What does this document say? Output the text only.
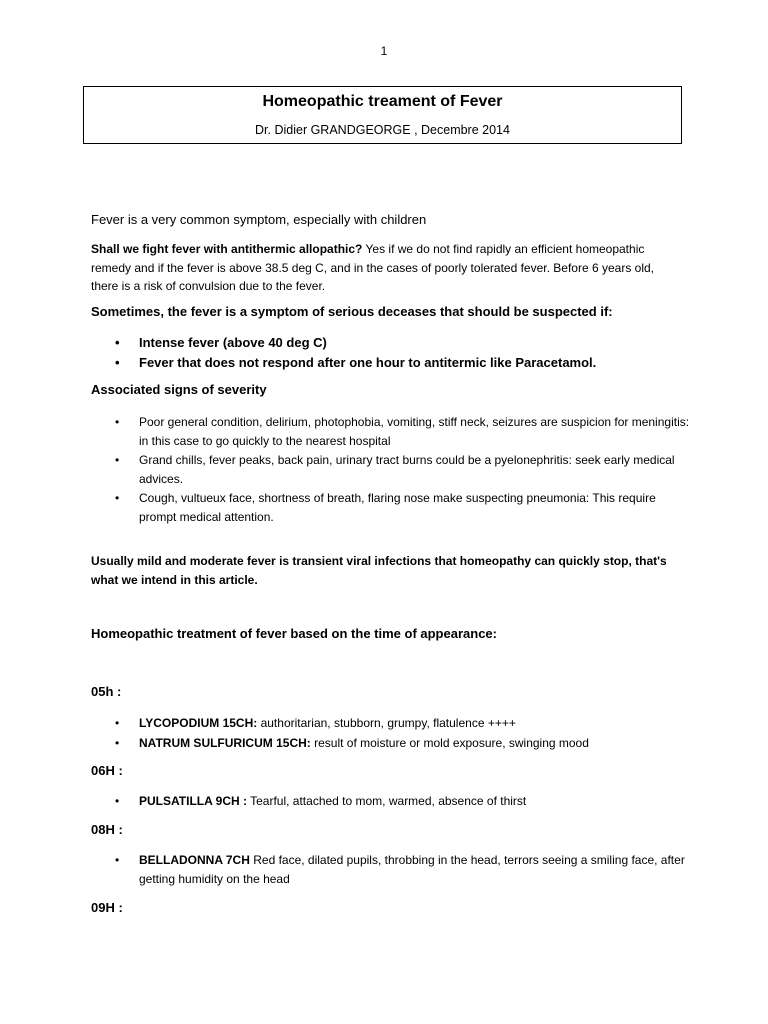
1
Homeopathic treament of Fever
Dr. Didier GRANDGEORGE , Decembre 2014
Fever is a very common symptom, especially with children
Shall we fight fever with antithermic allopathic? Yes if we do not find rapidly an efficient homeopathic remedy and if the fever is above 38.5 deg C, and in the cases of poorly tolerated fever. Before 6 years old, there is a risk of convulsion due to the fever.
Sometimes, the fever is a symptom of serious deceases that should be suspected if:
• Intense fever (above 40 deg C)
• Fever that does not respond after one hour to antitermic like Paracetamol.
Associated signs of severity
• Poor general condition, delirium, photophobia, vomiting, stiff neck, seizures are suspicion for meningitis: in this case to go quickly to the nearest hospital
• Grand chills, fever peaks, back pain, urinary tract burns could be a pyelonephritis: seek early medical advices.
• Cough, vultueux face, shortness of breath, flaring nose make suspecting pneumonia: This require prompt medical attention.
Usually mild and moderate fever is transient viral infections that homeopathy can quickly stop, that's what we intend in this article.
Homeopathic treatment of fever based on the time of appearance:
05h :
• LYCOPODIUM 15CH: authoritarian, stubborn, grumpy, flatulence ++++
• NATRUM SULFURICUM 15CH: result of moisture or mold exposure, swinging mood
06H :
• PULSATILLA 9CH : Tearful, attached to mom, warmed, absence of thirst
08H :
• BELLADONNA 7CH Red face, dilated pupils, throbbing in the head, terrors seeing a smiling face, after getting humidity on the head
09H :
